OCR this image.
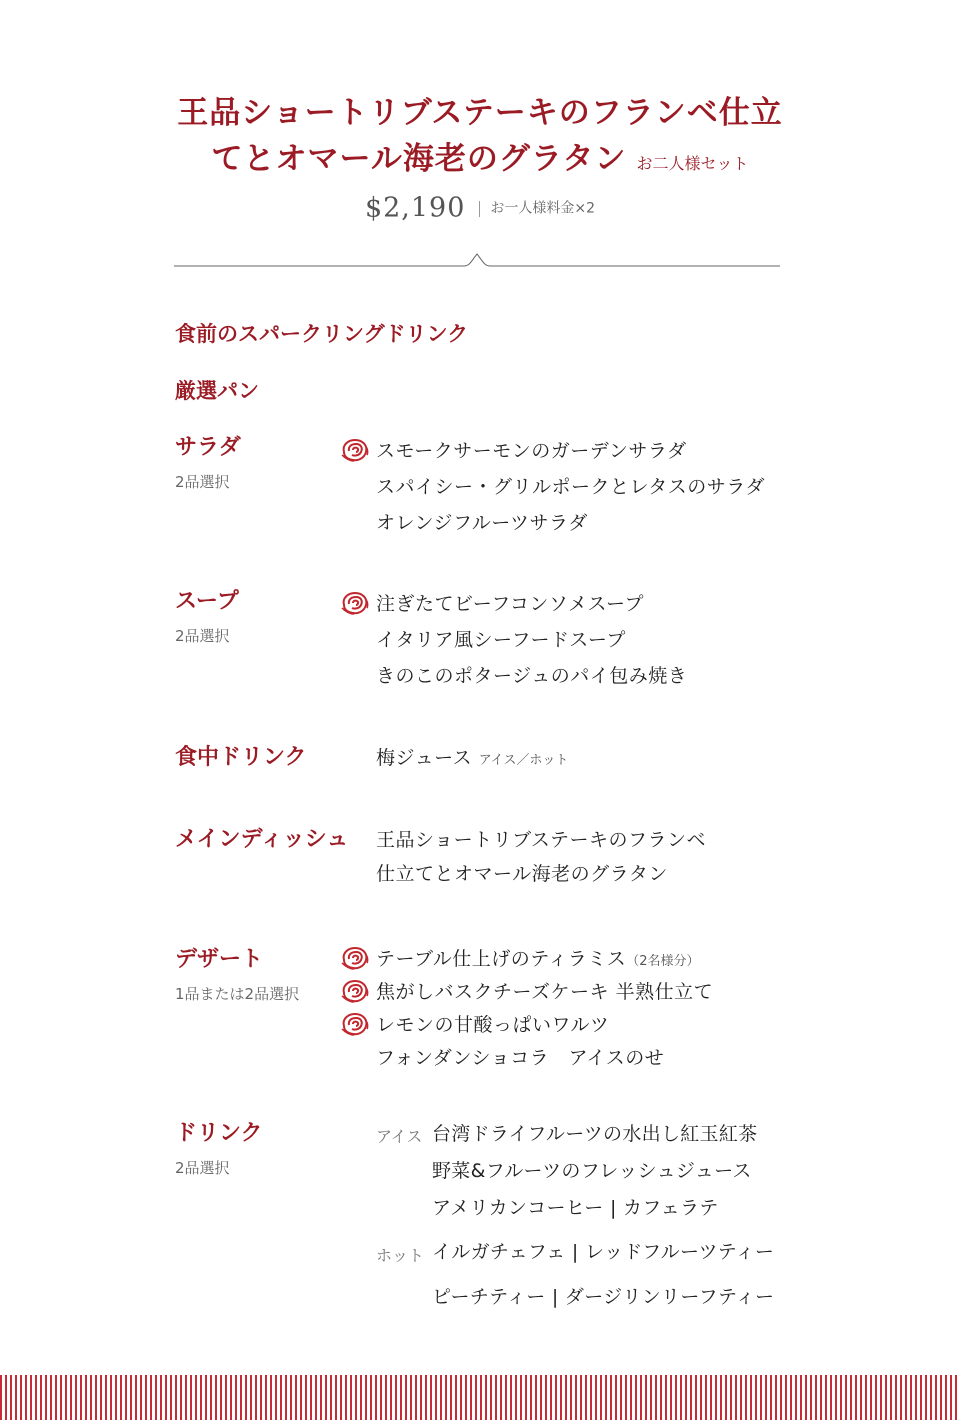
王品ショートリブステーキのフランベ仕立
てとオマール海老のグラタン お二人様セット
$2,190 お一人様料金×2
食前のスパークリングドリンク
厳選パン
サラダ
2品選択
スモークサーモンのガーデンサラダ
スパイシー・グリルポークとレタスのサラダ
オレンジフルーツサラダ
スープ
2品選択
注ぎたてビーフコンソメスープ
イタリア風シーフードスープ
きのこのポタージュのパイ包み焼き
食中ドリンク	梅ジュース アイス／ホット
メインディッシュ 王品ショートリブステーキのフランベ
仕立てとオマール海老のグラタン
デザート
1品または2品選択
テーブル仕上げのティラミス（2名様分）
焦がしバスクチーズケーキ 半熟仕立て
レモンの甘酸っぱいワルツ
フォンダンショコラ　アイスのせ
ドリンク
2品選択
アイス 台湾ドライフルーツの水出し紅玉紅茶
野菜&フルーツのフレッシュジュース
アメリカンコーヒー | カフェラテ
ホット イルガチェフェ | レッドフルーツティー
ピーチティー | ダージリンリーフティー
